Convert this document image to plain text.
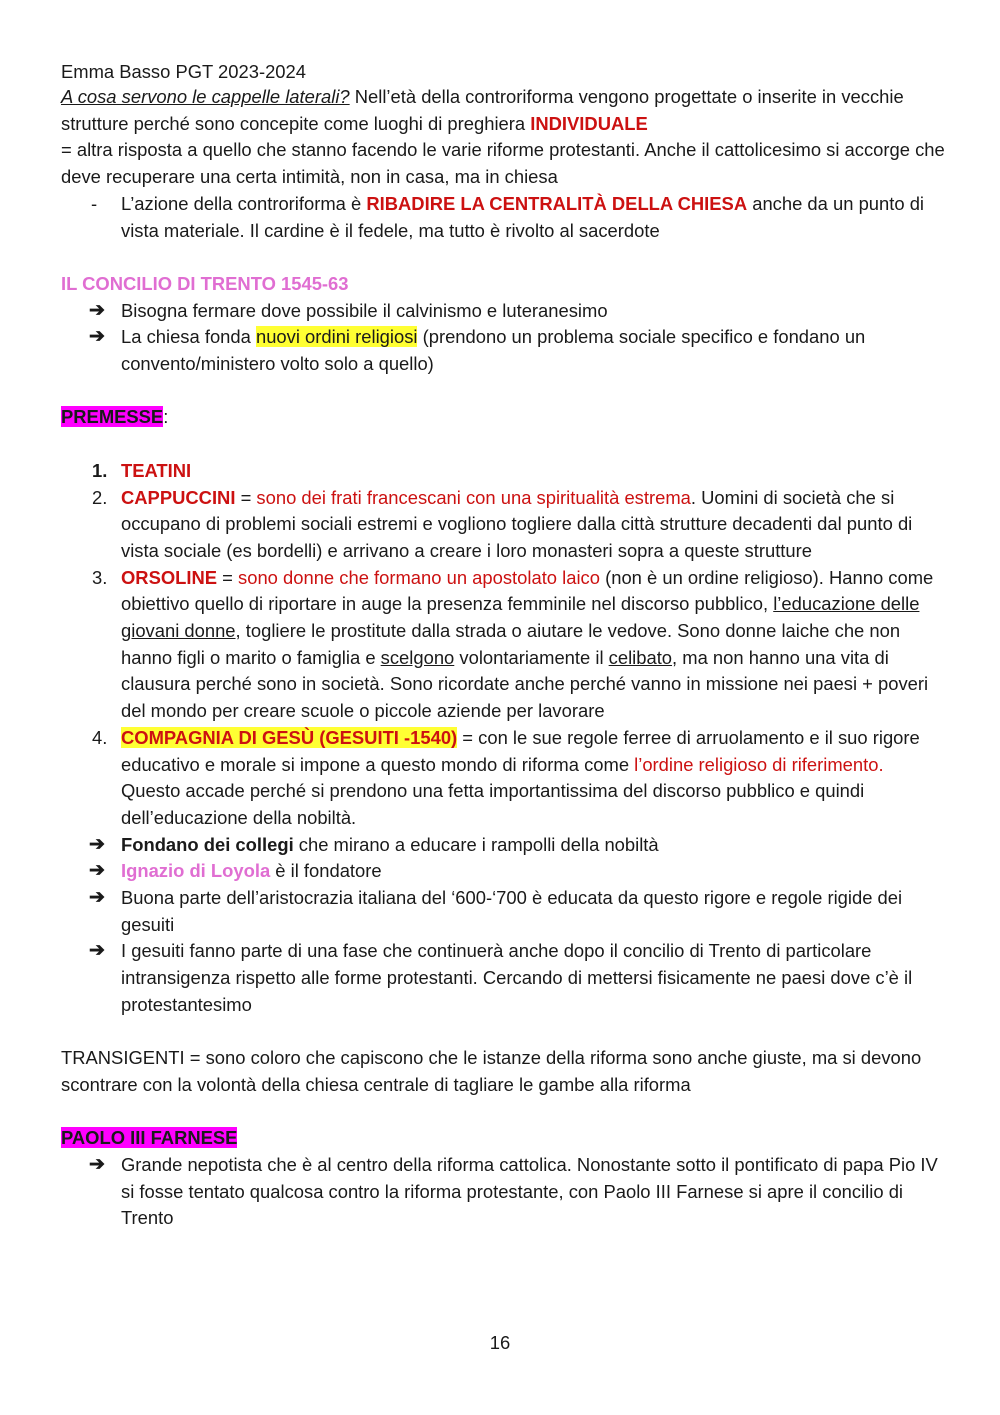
Emma Basso PGT 2023-2024

A cosa servono le cappelle laterali? Nell’età della controriforma vengono progettate o inserite in vecchie strutture perché sono concepite come luoghi di preghiera INDIVIDUALE

= altra risposta a quello che stanno facendo le varie riforme protestanti. Anche il cattolicesimo si accorge che deve recuperare una certa intimità, non in casa, ma in chiesa

- L’azione della controriforma è RIBADIRE LA CENTRALITÀ DELLA CHIESA anche da un punto di vista materiale. Il cardine è il fedele, ma tutto è rivolto al sacerdote

IL CONCILIO DI TRENTO 1545-63

➔ Bisogna fermare dove possibile il calvinismo e luteranesimo
➔ La chiesa fonda nuovi ordini religiosi (prendono un problema sociale specifico e fondano un convento/ministero volto solo a quello)

PREMESSE:

1. TEATINI
2. CAPPUCCINI = sono dei frati francescani con una spiritualità estrema. Uomini di società che si occupano di problemi sociali estremi e vogliono togliere dalla città strutture decadenti dal punto di vista sociale (es bordelli) e arrivano a creare i loro monasteri sopra a queste strutture
3. ORSOLINE = sono donne che formano un apostolato laico (non è un ordine religioso). Hanno come obiettivo quello di riportare in auge la presenza femminile nel discorso pubblico, l’educazione delle giovani donne, togliere le prostitute dalla strada o aiutare le vedove. Sono donne laiche che non hanno figli o marito o famiglia e scelgono volontariamente il celibato, ma non hanno una vita di clausura perché sono in società. Sono ricordate anche perché vanno in missione nei paesi + poveri del mondo per creare scuole o piccole aziende per lavorare
4. COMPAGNIA DI GESÙ (GESUITI -1540) = con le sue regole ferree di arruolamento e il suo rigore educativo e morale si impone a questo mondo di riforma come l’ordine religioso di riferimento. Questo accade perché si prendono una fetta importantissima del discorso pubblico e quindi dell’educazione della nobiltà.
➔ Fondano dei collegi che mirano a educare i rampolli della nobiltà
➔ Ignazio di Loyola è il fondatore
➔ Buona parte dell’aristocrazia italiana del ‘600-‘700 è educata da questo rigore e regole rigide dei gesuiti
➔ I gesuiti fanno parte di una fase che continuerà anche dopo il concilio di Trento di particolare intransigenza rispetto alle forme protestanti. Cercando di mettersi fisicamente ne paesi dove c’è il protestantesimo

TRANSIGENTI = sono coloro che capiscono che le istanze della riforma sono anche giuste, ma si devono scontrare con la volontà della chiesa centrale di tagliare le gambe alla riforma

PAOLO III FARNESE

➔ Grande nepotista che è al centro della riforma cattolica. Nonostante sotto il pontificato di papa Pio IV si fosse tentato qualcosa contro la riforma protestante, con Paolo III Farnese si apre il concilio di Trento
16
